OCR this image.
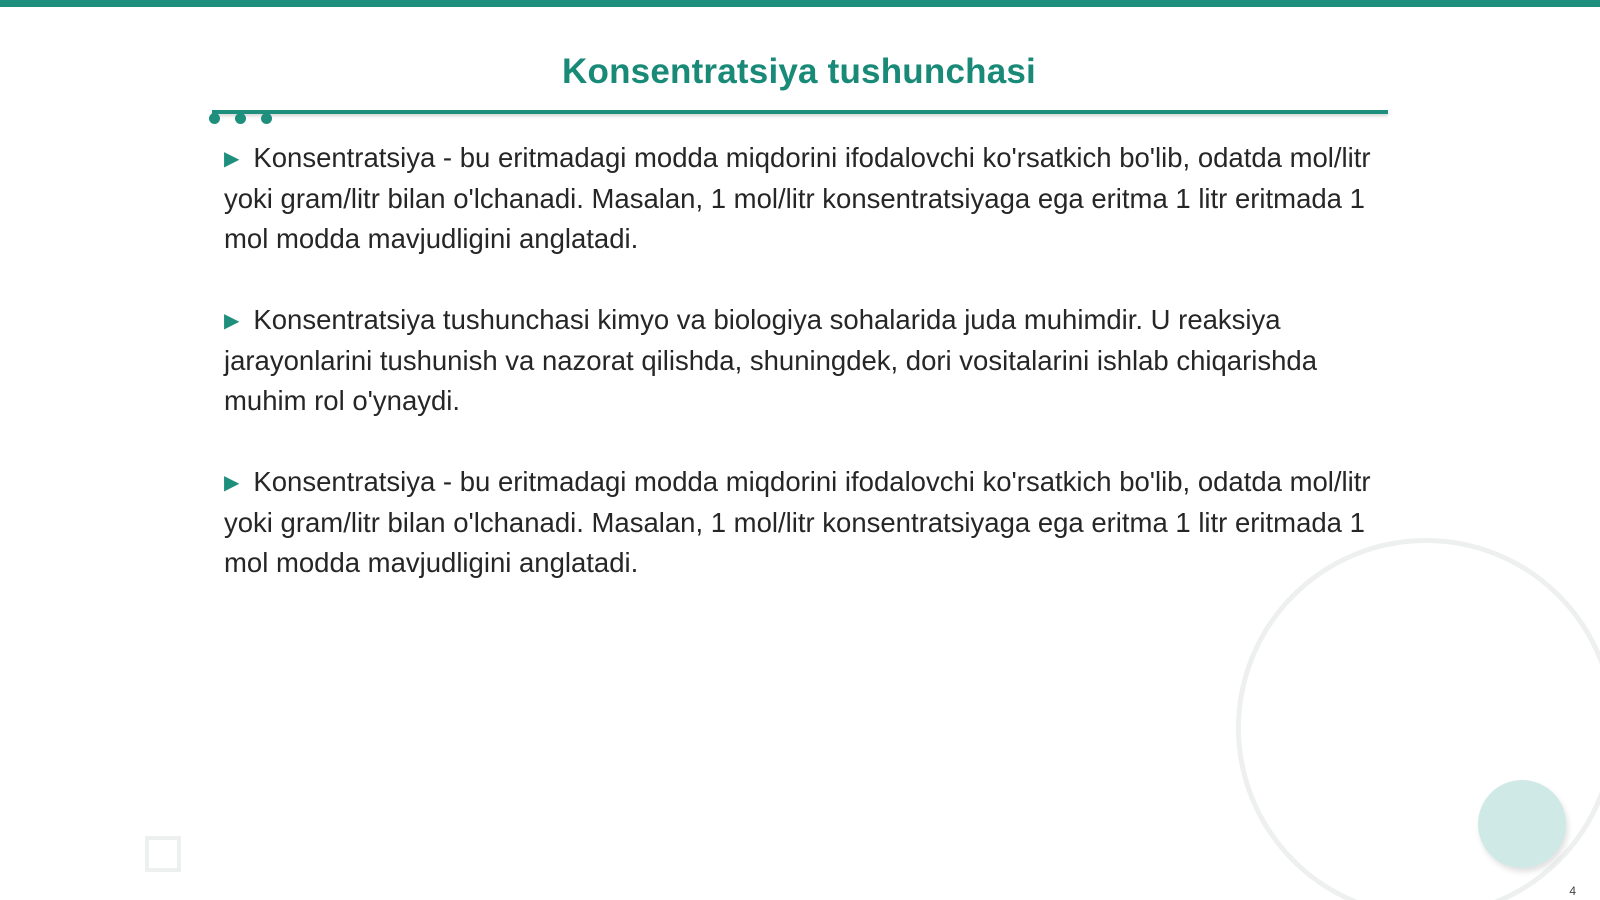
Konsentratsiya tushunchasi

▶ Konsentratsiya - bu eritmadagi modda miqdorini ifodalovchi ko'rsatkich bo'lib, odatda mol/litr yoki gram/litr bilan o'lchanadi. Masalan, 1 mol/litr konsentratsiyaga ega eritma 1 litr eritmada 1 mol modda mavjudligini anglatadi.

▶ Konsentratsiya tushunchasi kimyo va biologiya sohalarida juda muhimdir. U reaksiya jarayonlarini tushunish va nazorat qilishda, shuningdek, dori vositalarini ishlab chiqarishda muhim rol o'ynaydi.

▶ Konsentratsiya - bu eritmadagi modda miqdorini ifodalovchi ko'rsatkich bo'lib, odatda mol/litr yoki gram/litr bilan o'lchanadi. Masalan, 1 mol/litr konsentratsiyaga ega eritma 1 litr eritmada 1 mol modda mavjudligini anglatadi.

4
